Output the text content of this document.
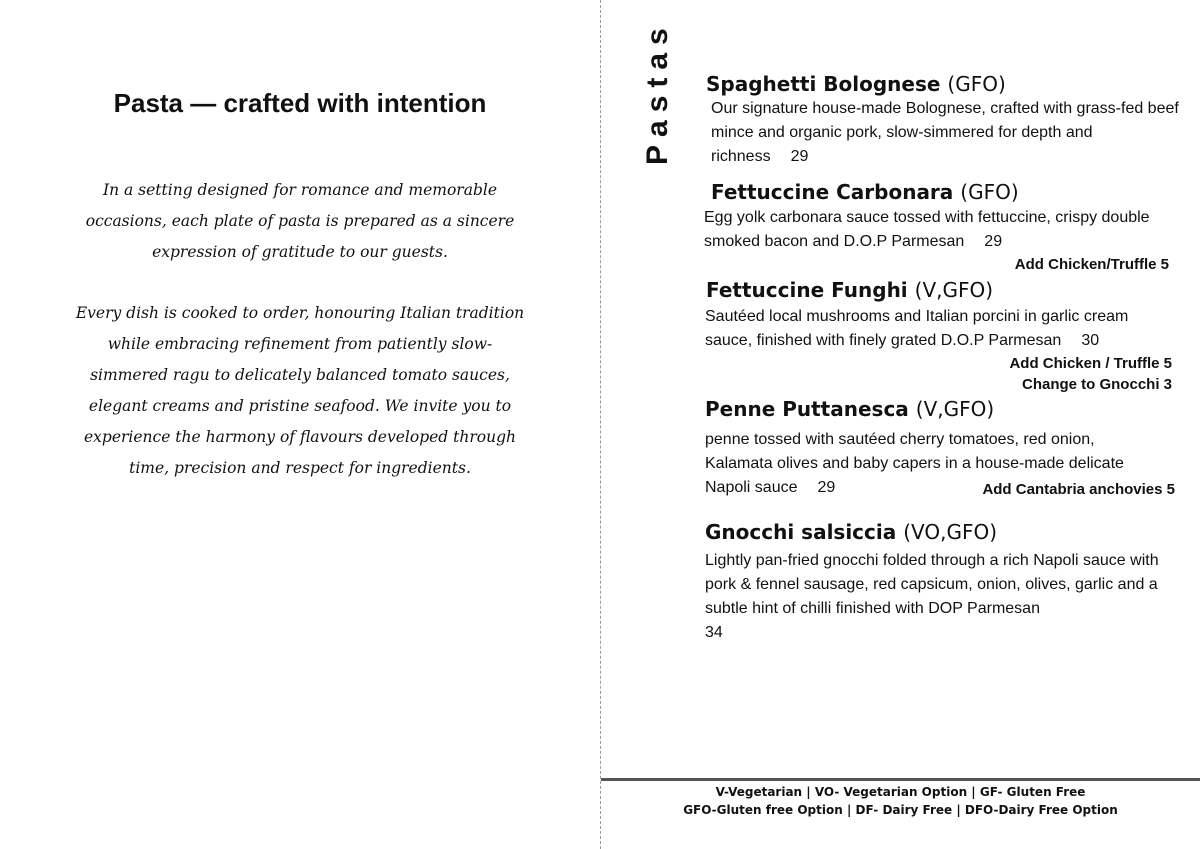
Pasta — crafted with intention

In a setting designed for romance and memorable occasions, each plate of pasta is prepared as a sincere expression of gratitude to our guests.

Every dish is cooked to order, honouring Italian tradition while embracing refinement from patiently slow-simmered ragu to delicately balanced tomato sauces, elegant creams and pristine seafood. We invite you to experience the harmony of flavours developed through time, precision and respect for ingredients.

Pastas Spaghetti Bolognese (GFO)

Our signature house-made Bolognese, crafted with grass-fed beef mince and organic pork, slow-simmered for depth and richness 29

Fettuccine Carbonara (GFO)

Egg yolk carbonara sauce tossed with fettuccine, crispy double smoked bacon and D.O.P Parmesan 29

Add Chicken/Truffle 5

Fettuccine Funghi (V,GFO)

Sautéed local mushrooms and Italian porcini in garlic cream sauce, finished with finely grated D.O.P Parmesan 30

Add Chicken / Truffle 5

Change to Gnocchi 3

Penne Puttanesca (V,GFO)

penne tossed with sautéed cherry tomatoes, red onion, Kalamata olives and baby capers in a house-made delicate Napoli sauce 29	Add Cantabria anchovies 5

Gnocchi salsiccia (VO,GFO)

Lightly pan-fried gnocchi folded through a rich Napoli sauce with pork & fennel sausage, red capsicum, onion, olives, garlic and a subtle hint of chilli finished with DOP Parmesan

34

V-Vegetarian | VO- Vegetarian Option | GF- Gluten Free

GFO-Gluten free Option | DF- Dairy Free | DFO-Dairy Free Option
